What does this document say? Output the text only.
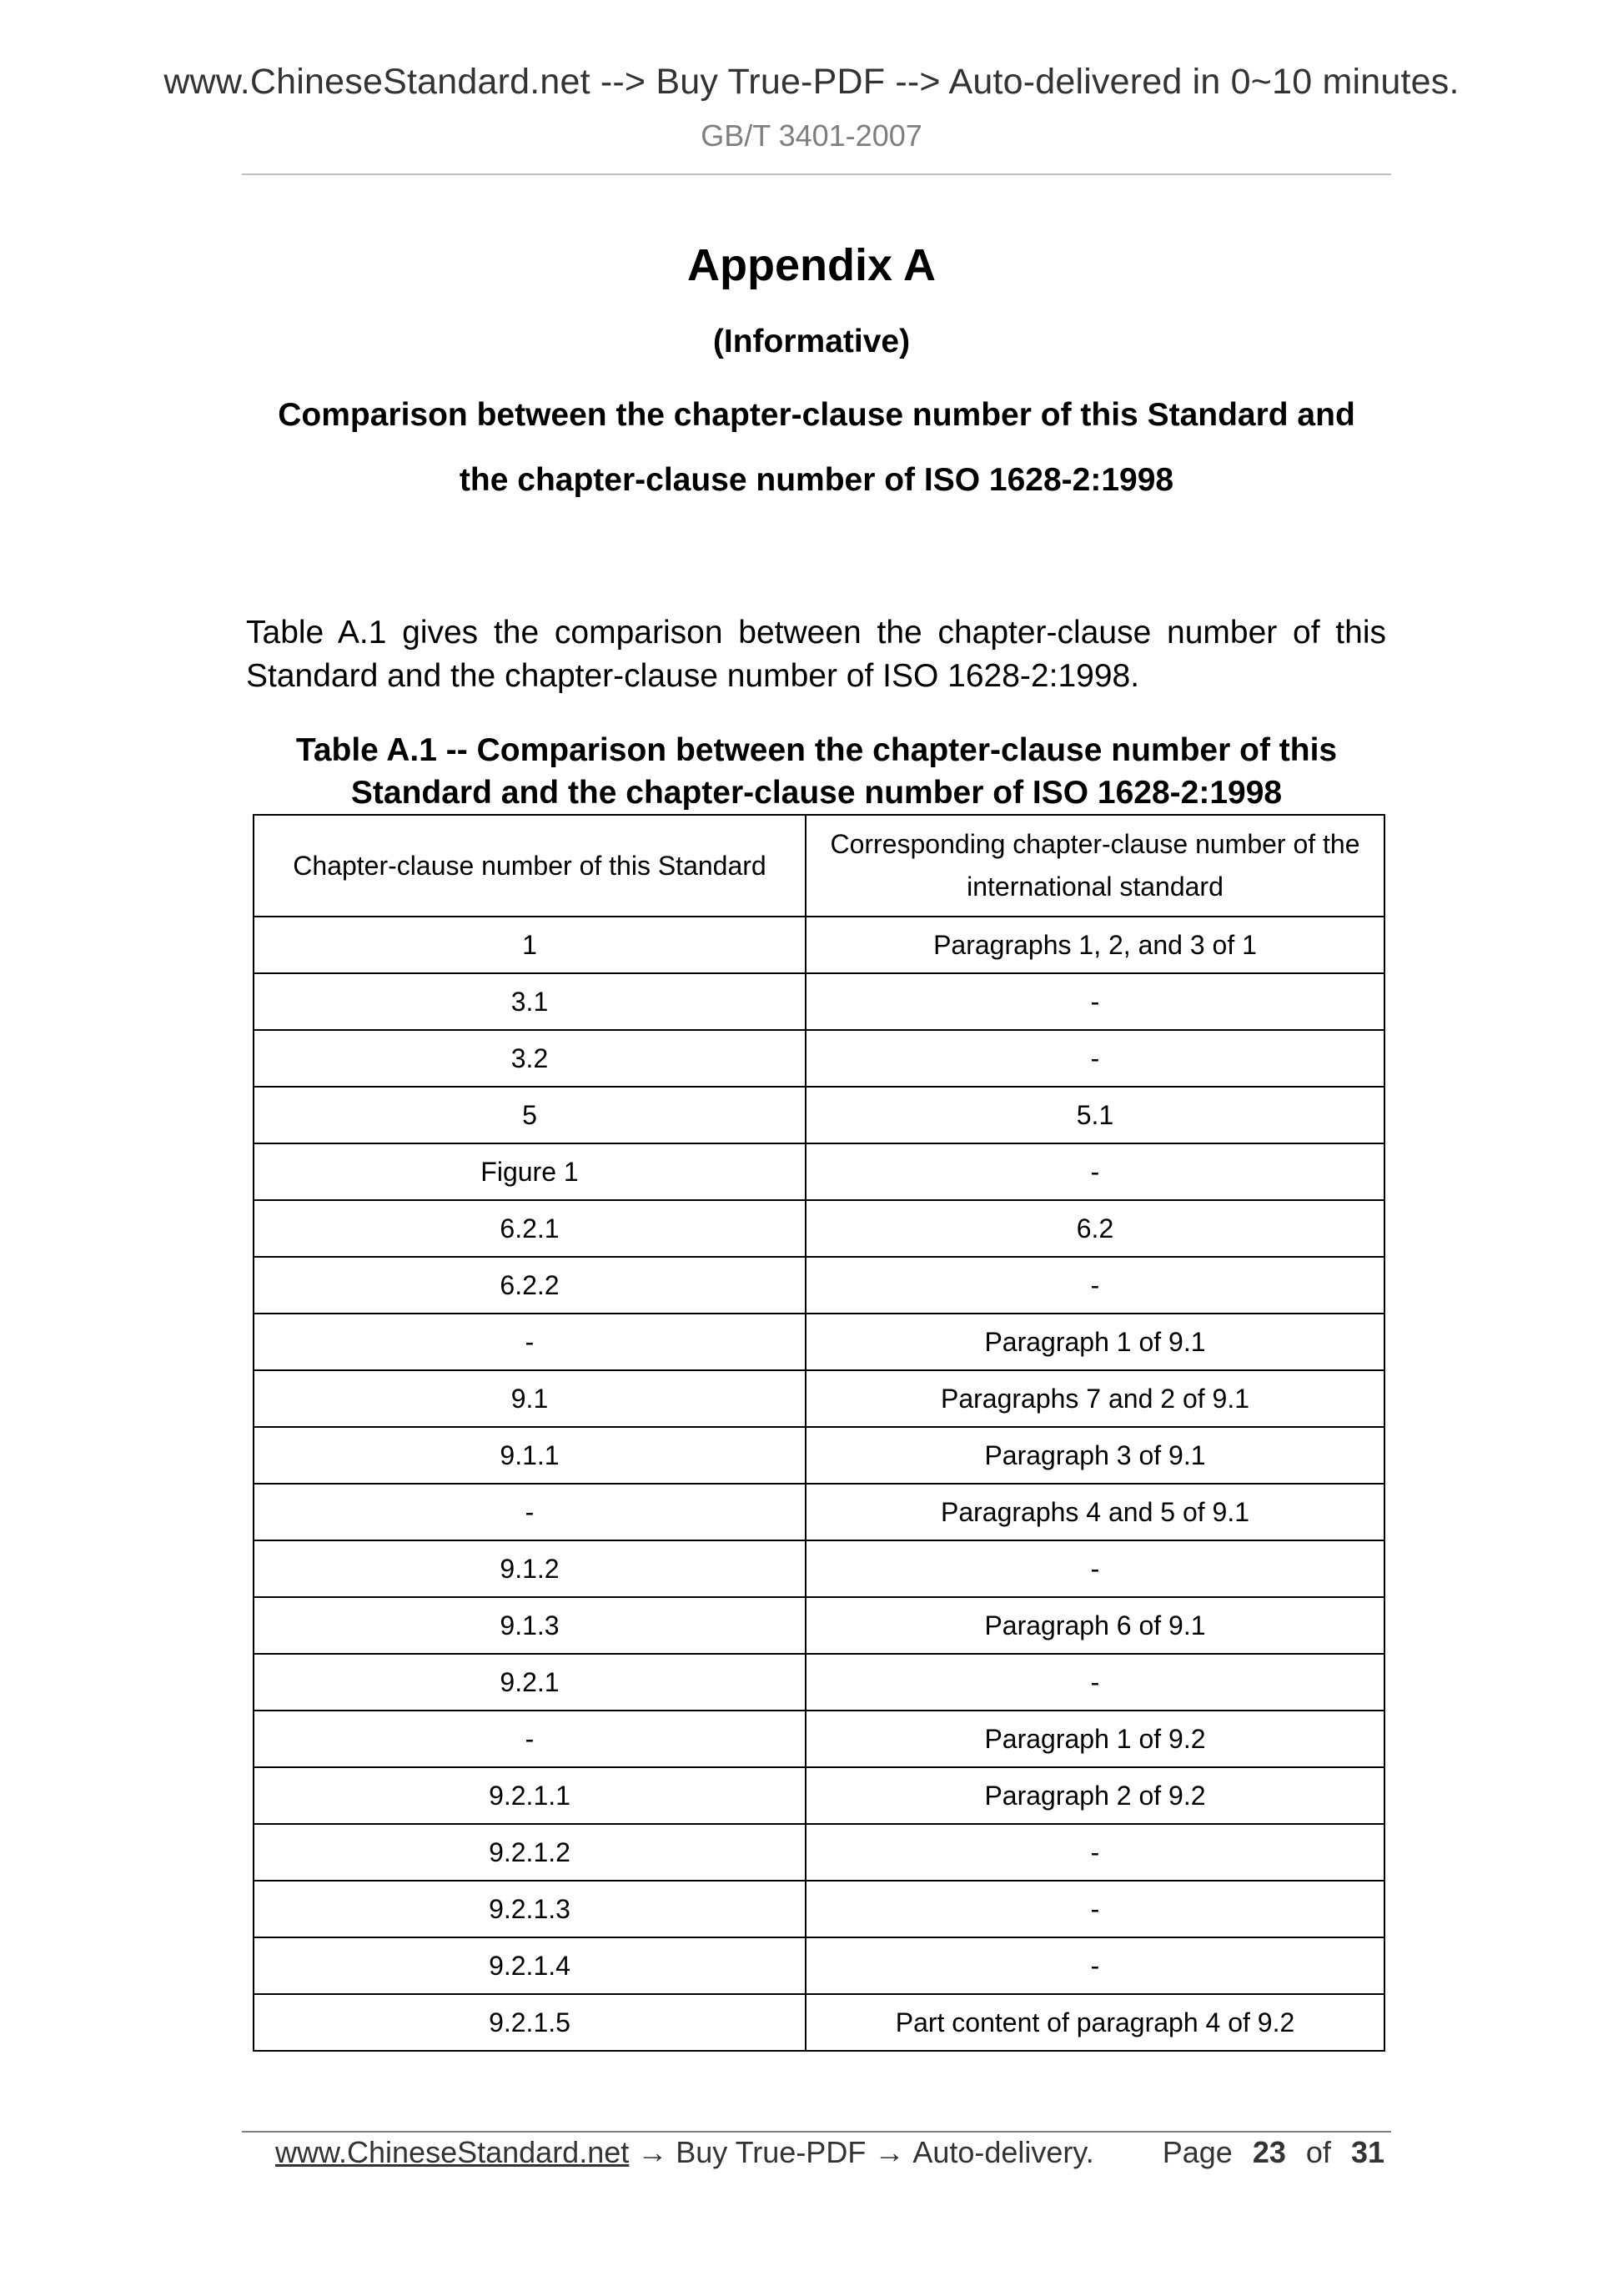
www.ChineseStandard.net --> Buy True-PDF --> Auto-delivered in 0~10 minutes.
GB/T 3401-2007
Appendix A
(Informative)
Comparison between the chapter-clause number of this Standard and
the chapter-clause number of ISO 1628-2:1998
Table A.1 gives the comparison between the chapter-clause number of this
Standard and the chapter-clause number of ISO 1628-2:1998.
Table A.1 -- Comparison between the chapter-clause number of this
Standard and the chapter-clause number of ISO 1628-2:1998
Chapter-clause number of this Standard	Corresponding chapter-clause number of the
international standard

1	Paragraphs 1, 2, and 3 of 1
3.1	-
3.2	-
5	5.1
Figure 1	-
6.2.1	6.2
6.2.2	-
-	Paragraph 1 of 9.1
9.1	Paragraphs 7 and 2 of 9.1
9.1.1	Paragraph 3 of 9.1
-	Paragraphs 4 and 5 of 9.1
9.1.2	-
9.1.3	Paragraph 6 of 9.1
9.2.1	-
-	Paragraph 1 of 9.2
9.2.1.1	Paragraph 2 of 9.2
9.2.1.2	-
9.2.1.3	-
9.2.1.4	-
9.2.1.5	Part content of paragraph 4 of 9.2
www.ChineseStandard.net → Buy True-PDF → Auto-delivery.	Page 23 of 31
